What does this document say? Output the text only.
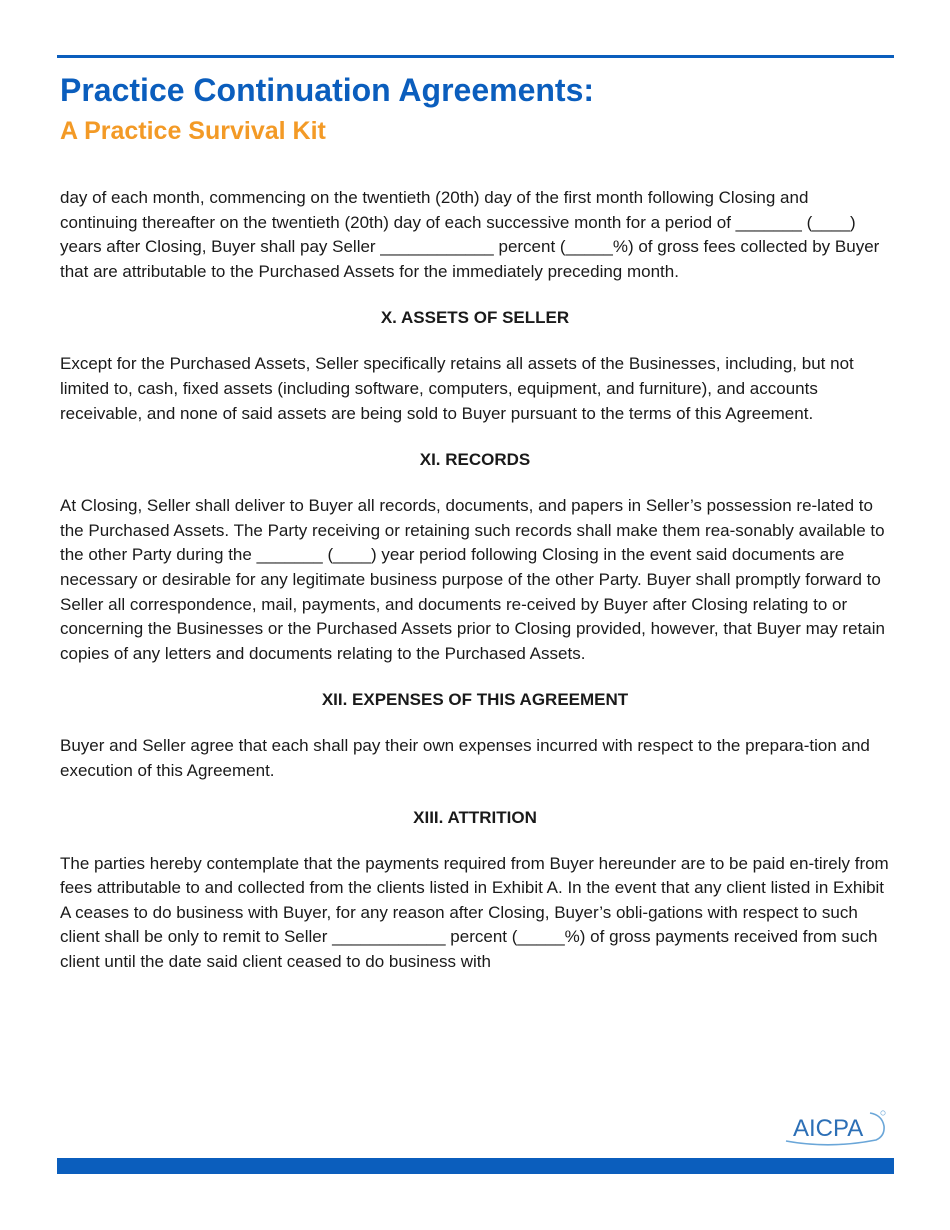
Practice Continuation Agreements:
A Practice Survival Kit

day of each month, commencing on the twentieth (20th) day of the first month following Closing and continuing thereafter on the twentieth (20th) day of each successive month for a period of _______ (____) years after Closing, Buyer shall pay Seller ____________ percent (_____%) of gross fees collected by Buyer that are attributable to the Purchased Assets for the immediately preceding month.

X. ASSETS OF SELLER

Except for the Purchased Assets, Seller specifically retains all assets of the Businesses, including, but not limited to, cash, fixed assets (including software, computers, equipment, and furniture), and accounts receivable, and none of said assets are being sold to Buyer pursuant to the terms of this Agreement.

XI. RECORDS

At Closing, Seller shall deliver to Buyer all records, documents, and papers in Seller’s possession re-lated to the Purchased Assets. The Party receiving or retaining such records shall make them rea-sonably available to the other Party during the _______ (____) year period following Closing in the event said documents are necessary or desirable for any legitimate business purpose of the other Party. Buyer shall promptly forward to Seller all correspondence, mail, payments, and documents re-ceived by Buyer after Closing relating to or concerning the Businesses or the Purchased Assets prior to Closing provided, however, that Buyer may retain copies of any letters and documents relating to the Purchased Assets.

XII. EXPENSES OF THIS AGREEMENT

Buyer and Seller agree that each shall pay their own expenses incurred with respect to the prepara-tion and execution of this Agreement.

XIII. ATTRITION

The parties hereby contemplate that the payments required from Buyer hereunder are to be paid en-tirely from fees attributable to and collected from the clients listed in Exhibit A. In the event that any client listed in Exhibit A ceases to do business with Buyer, for any reason after Closing, Buyer’s obli-gations with respect to such client shall be only to remit to Seller ____________ percent (_____%) of gross payments received from such client until the date said client ceased to do business with

AICPA
